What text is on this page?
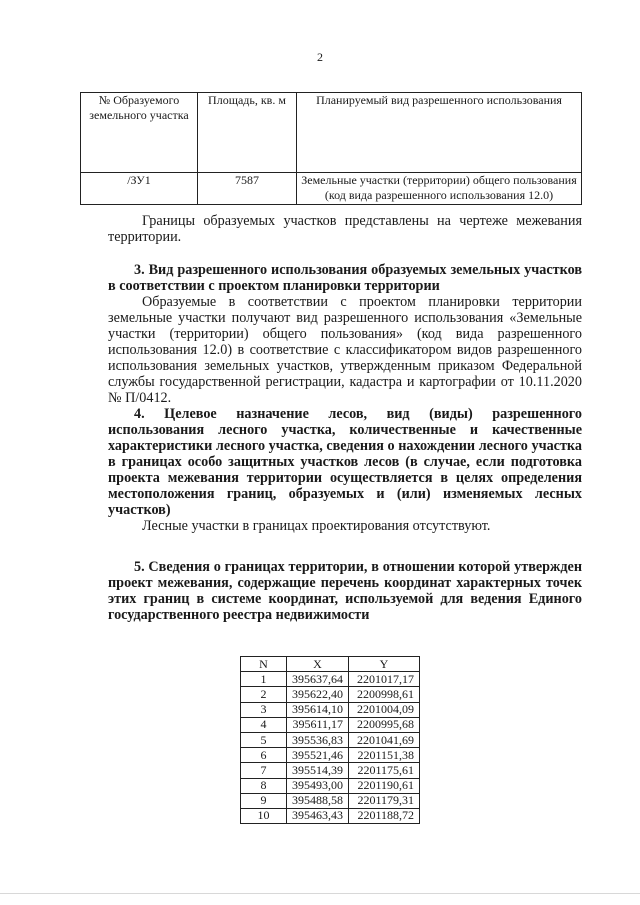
2
№ Образуемого земельного участка	Площадь, кв. м	Планируемый вид разрешенного использования
/ЗУ1	7587	Земельные участки (территории) общего пользования (код вида разрешенного использования 12.0)
Границы образуемых участков представлены на чертеже межевания территории.
3. Вид разрешенного использования образуемых земельных участков в соответствии с проектом планировки территории
Образуемые в соответствии с проектом планировки территории земельные участки получают вид разрешенного использования «Земельные участки (территории) общего пользования» (код вида разрешенного использования 12.0) в соответствие с классификатором видов разрешенного использования земельных участков, утвержденным приказом Федеральной службы государственной регистрации, кадастра и картографии от 10.11.2020 № П/0412.
4. Целевое назначение лесов, вид (виды) разрешенного использования лесного участка, количественные и качественные характеристики лесного участка, сведения о нахождении лесного участка в границах особо защитных участков лесов (в случае, если подготовка проекта межевания территории осуществляется в целях определения местоположения границ, образуемых и (или) изменяемых лесных участков)
Лесные участки в границах проектирования отсутствуют.
5. Сведения о границах территории, в отношении которой утвержден проект межевания, содержащие перечень координат характерных точек этих границ в системе координат, используемой для ведения Единого государственного реестра недвижимости
N	X	Y
1	395637,64	2201017,17
2	395622,40	2200998,61
3	395614,10	2201004,09
4	395611,17	2200995,68
5	395536,83	2201041,69
6	395521,46	2201151,38
7	395514,39	2201175,61
8	395493,00	2201190,61
9	395488,58	2201179,31
10	395463,43	2201188,72
